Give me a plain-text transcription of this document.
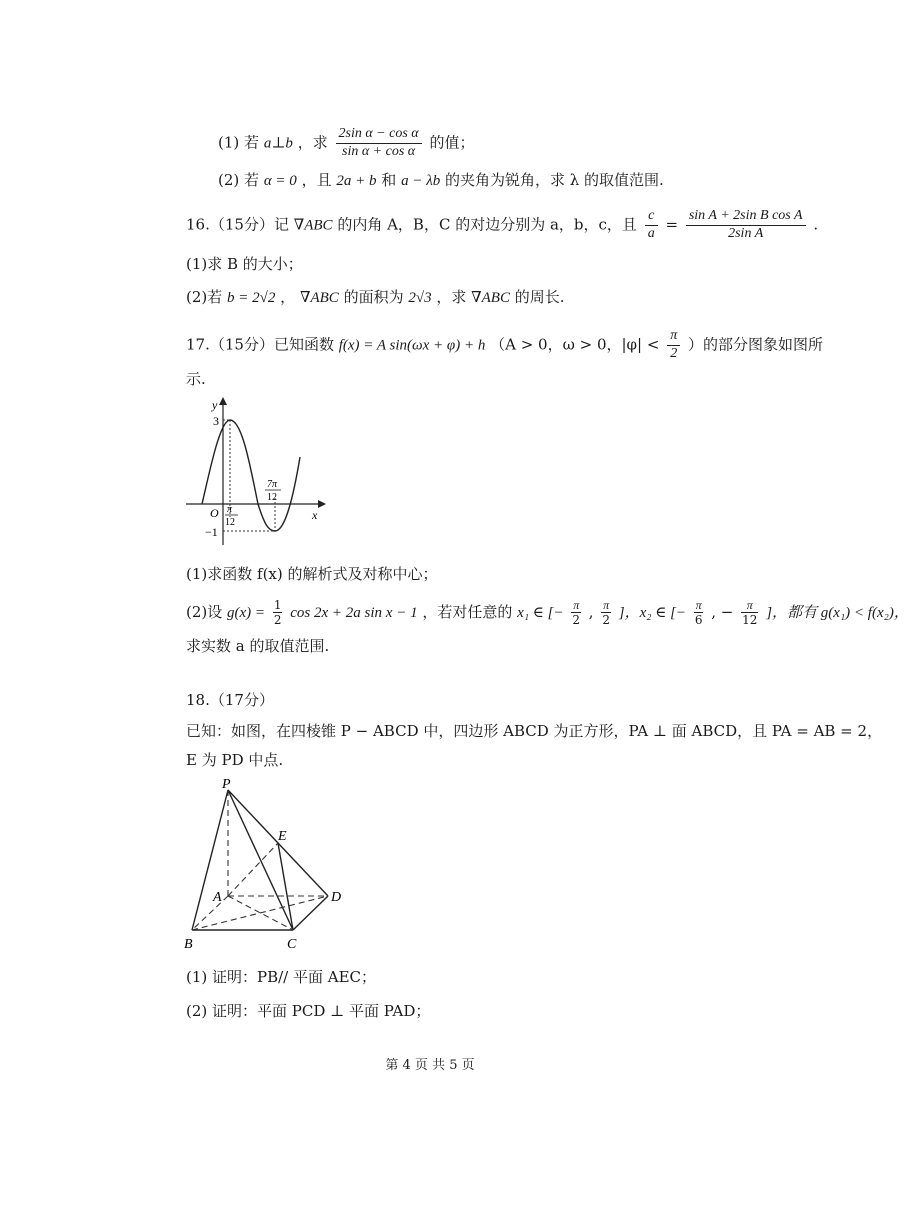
(1) 若 a⊥b ，求 $\frac{\text{2sin α − cos α}}{\text{sin α + cos α}}$ 的值；
(2) 若 α = 0 ，且 2a + b 和 a − λb 的夹角为锐角，求 λ 的取值范围.
16.（15分）记 ∇ABC 的内角 A，B，C 的对边分别为 a，b，c，且 $\frac{c}{a} = \frac{\text{sin A + 2sin B cos A}}{\text{2sin A}}$ .
(1)求 B 的大小；
(2)若 b = 2√2 ， ∇ABC 的面积为 2√3 ，求 ∇ABC 的周长.
17.（15分）已知函数 f(x) = A sin(ωx + φ) + h （A > 0，ω > 0，$|\varphi| < \frac{\pi}{2}$ ）的部分图象如图所
示.
y
x
O
3
−1
π
12
7π
12
(1)求函数 f(x) 的解析式及对称中心；
(2)设 $g(x) = \frac{1}{2}$ cos 2x + 2a sin x − 1 ，若对任意的 x₁ ∈ [− $\frac{\pi}{2}$ , $\frac{\pi}{2}$ ]，x₂ ∈ [− $\frac{\pi}{6}$ , − $\frac{\pi}{12}$ ]，都有 g(x₁) < f(x₂)，
求实数 a 的取值范围.
18.（17分）
已知：如图，在四棱锥 P − ABCD 中，四边形 ABCD 为正方形，PA ⊥ 面 ABCD，且 PA = AB = 2，
E 为 PD 中点.
P
E
A	D
B	C
(1) 证明：PB// 平面 AEC；
(2) 证明：平面 PCD ⊥ 平面 PAD；
第 4 页 共 5 页
